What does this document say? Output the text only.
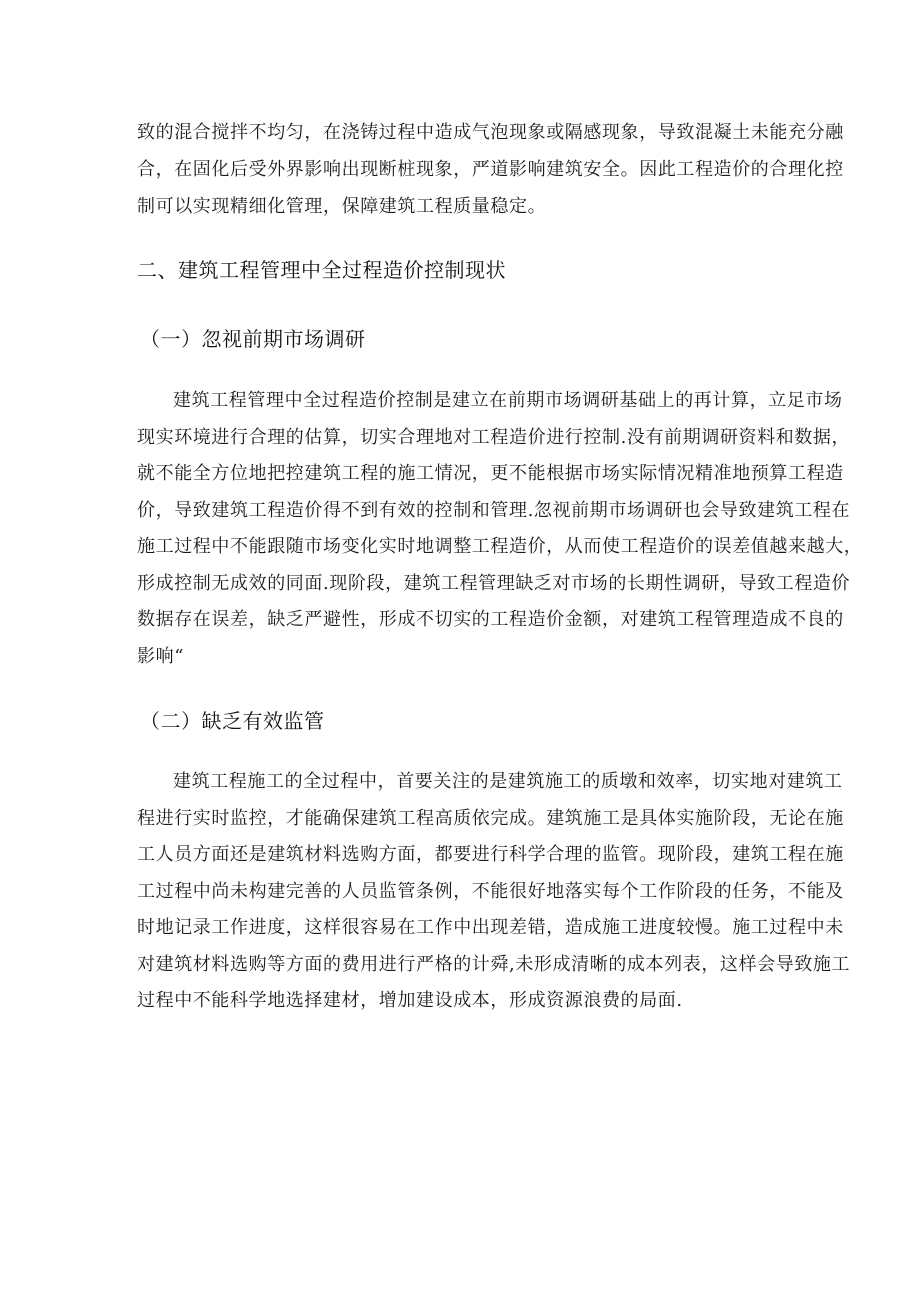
致的混合搅拌不均匀，在浇铸过程中造成气泡现象或隔感现象，导致混凝土未能充分融
合，在固化后受外界影响出现断桩现象，严道影响建筑安全。因此工程造价的合理化控
制可以实现精细化管理，保障建筑工程质量稳定。
二、建筑工程管理中全过程造价控制现状
（一）忽视前期市场调研
建筑工程管理中全过程造价控制是建立在前期市场调研基础上的再计算，立足市场
现实环境进行合理的估算，切实合理地对工程造价进行控制.没有前期调研资料和数据，
就不能全方位地把控建筑工程的施工情况，更不能根据市场实际情况精准地预算工程造
价，导致建筑工程造价得不到有效的控制和管理.忽视前期市场调研也会导致建筑工程在
施工过程中不能跟随市场变化实时地调整工程造价，从而使工程造价的误差值越来越大，
形成控制无成效的同面.现阶段，建筑工程管理缺乏对市场的长期性调研，导致工程造价
数据存在误差，缺乏严避性，形成不切实的工程造价金额，对建筑工程管理造成不良的
影响“
（二）缺乏有效监管
建筑工程施工的全过程中，首要关注的是建筑施工的质墩和效率，切实地对建筑工
程进行实时监控，才能确保建筑工程高质依完成。建筑施工是具体实施阶段，无论在施
工人员方面还是建筑材料选购方面，都要进行科学合理的监管。现阶段，建筑工程在施
工过程中尚未构建完善的人员监管条例，不能很好地落实每个工作阶段的任务，不能及
时地记录工作进度，这样很容易在工作中出现差错，造成施工进度较慢。施工过程中未
对建筑材料选购等方面的费用进行严格的计舜,未形成清晰的成本列表，这样会导致施工
过程中不能科学地选择建材，增加建设成本，形成资源浪费的局面.
